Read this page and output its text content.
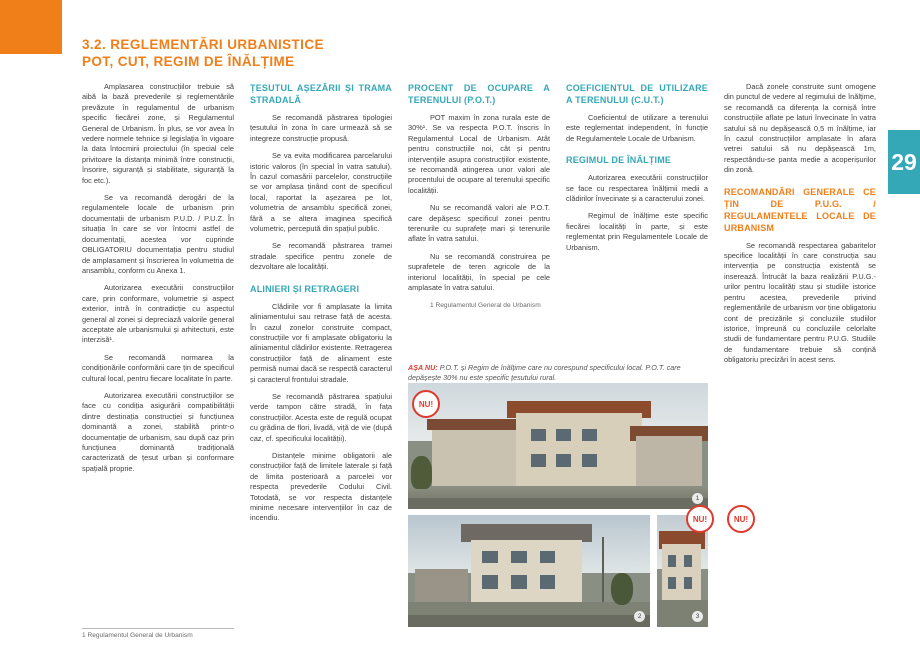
29
3.2. REGLEMENTĂRI URBANISTICE
POT, CUT, REGIM DE ÎNĂLȚIME

Amplasarea construcțiilor trebuie să aibă la bază prevederile și reglementările prevăzute în regulamentul de urbanism specific fiecărei zone, și Regulamentul General de Urbanism. În plus, se vor avea în vedere normele tehnice și legislația în vigoare la data întocmirii proiectului (în special cele privitoare la distanța minimă între construcții, însorire, siguranță și stabilitate, siguranță la foc etc.).

Se va recomandă derogări de la regulamentele locale de urbanism prin documentații de urbanism P.U.D. / P.U.Z. În situația în care se vor întocmi astfel de documentații, acestea vor cuprinde OBLIGATORIU documentația pentru studiul de amplasament și înscrierea în volumetria de ansamblu, conform cu Anexa 1.

Autorizarea executării construcțiilor care, prin conformare, volumetrie și aspect exterior, intră în contradicție cu aspectul general al zonei și depreciază valorile general acceptate ale urbanismului și arhitecturii, este interzisă¹.

Se recomandă normarea la condiționările conformării care țin de specificul cultural local, pentru fiecare localitate în parte.

Autorizarea executării construcțiilor se face cu condiția asigurării compatibilității dintre destinația construcției și funcțiunea dominantă a zonei, stabilită printr-o documentație de urbanism, sau după caz prin funcțiunea dominantă tradițională caracterizată de țesut urban și conformare spațială proprie.

1 Regulamentul General de Urbanism
ȚESUTUL AȘEZĂRII ȘI TRAMA STRADALĂ

Se recomandă păstrarea tipologiei țesutului în zona în care urmează să se integreze construcție propusă.

Se va evita modificarea parcelarului istoric valoros (în special în vatra satului). În cazul comasării parcelelor, construcțiile se vor amplasa ținând cont de specificul local, raportat la așezarea pe lot, volumetria de ansamblu specifică zonei, fără a se altera imaginea specifică volumetric, percepută din spațiul public.

Se recomandă păstrarea tramei stradale specifice pentru zonele de dezvoltare ale localității.

ALINIERI ȘI RETRAGERI

Clădirile vor fi amplasate la limita aliniamentului sau retrase față de acesta. În cazul zonelor construite compact, construcțiile vor fi amplasate obligatoriu la aliniamentul clădirilor existente. Retragerea construcțiilor față de alinament este permisă numai dacă se respectă caracterul și caracterul frontului stradale.

Se recomandă păstrarea spațiului verde tampon către stradă, în fața construcțiilor. Acesta este de regulă ocupat cu grădina de flori, livadă, viță de vie (după caz, cf. specificului localității).

Distanțele minime obligatorii ale construcțiilor față de limitele laterale și față de limita posterioară a parcelei vor respecta prevederile Codului Civil. Totodată, se vor respecta distanțele minime necesare intervențiilor în caz de incendiu.

PROCENT DE OCUPARE A TERENULUI (P.O.T.)

POT maxim în zona rurala este de 30%¹. Se va respecta P.O.T. înscris în Regulamentul Local de Urbanism. Atât pentru construcțiile noi, cât și pentru intervențiile asupra construcțiilor existente, se recomandă atingerea unor valori ale procentului de ocupare al terenului specific localității.

Nu se recomandă valori ale P.O.T. care depășesc specificul zonei pentru terenurile cu suprafețe mari și terenurile aflate în vatra satului.

Nu se recomandă construirea pe suprafetele de teren agricole de la interiorul localității, în special pe cele amplasate în vatra satului.

1 Regulamentul General de Urbanism

COEFICIENTUL DE UTILIZARE A TERENULUI (C.U.T.)

Coeficientul de utilizare a terenului este reglementat independent, în funcție de Regulamentele Locale de Urbanism.

REGIMUL DE ÎNĂLȚIME

Autorizarea executării construcțiilor se face cu respectarea înălțimii medii a clădirilor învecinate și a caracterului zonei.

Regimul de înălțime este specific fiecărei localități în parte, și este reglementat prin Regulamentele Locale de Urbanism.

Dacă zonele construite sunt omogene din punctul de vedere al regimului de înălțime, se recomandă ca diferența la cornișă între construcțiile aflate pe laturi învecinate în vatra satului să nu depășească 0,5 m înălțime, iar în cazul construcțiilor amplasate în afara vetrei satului să nu depășească 1m, respectându-se panta medie a acoperișurilor din zonă.

RECOMANDĂRI GENERALE CE ȚIN DE P.U.G. / REGULAMENTELE LOCALE DE URBANISM

Se recomandă respectarea gabaritelor specifice localității în care construcția sau intervenția pe construcția existentă se inserează. Întrucât la baza realizării P.U.G.-urilor pentru localități stau și studiile istorice pentru acestea, prevederile privind reglementările de urbanism vor ține obligatoriu cont de precizările și concluziile studiilor istorice, împreună cu concluziile celorlalte studii de fundamentare pentru P.U.G. Studiile de fundamentare trebuie să conțină obligatoriu precizări în acest sens.

AȘA NU: P.O.T. și Regim de înălțime care nu corespund specificului local. P.O.T. care depășește 30% nu este specific țesutului rural.
1
NU!
2
NU!
3
NU!
